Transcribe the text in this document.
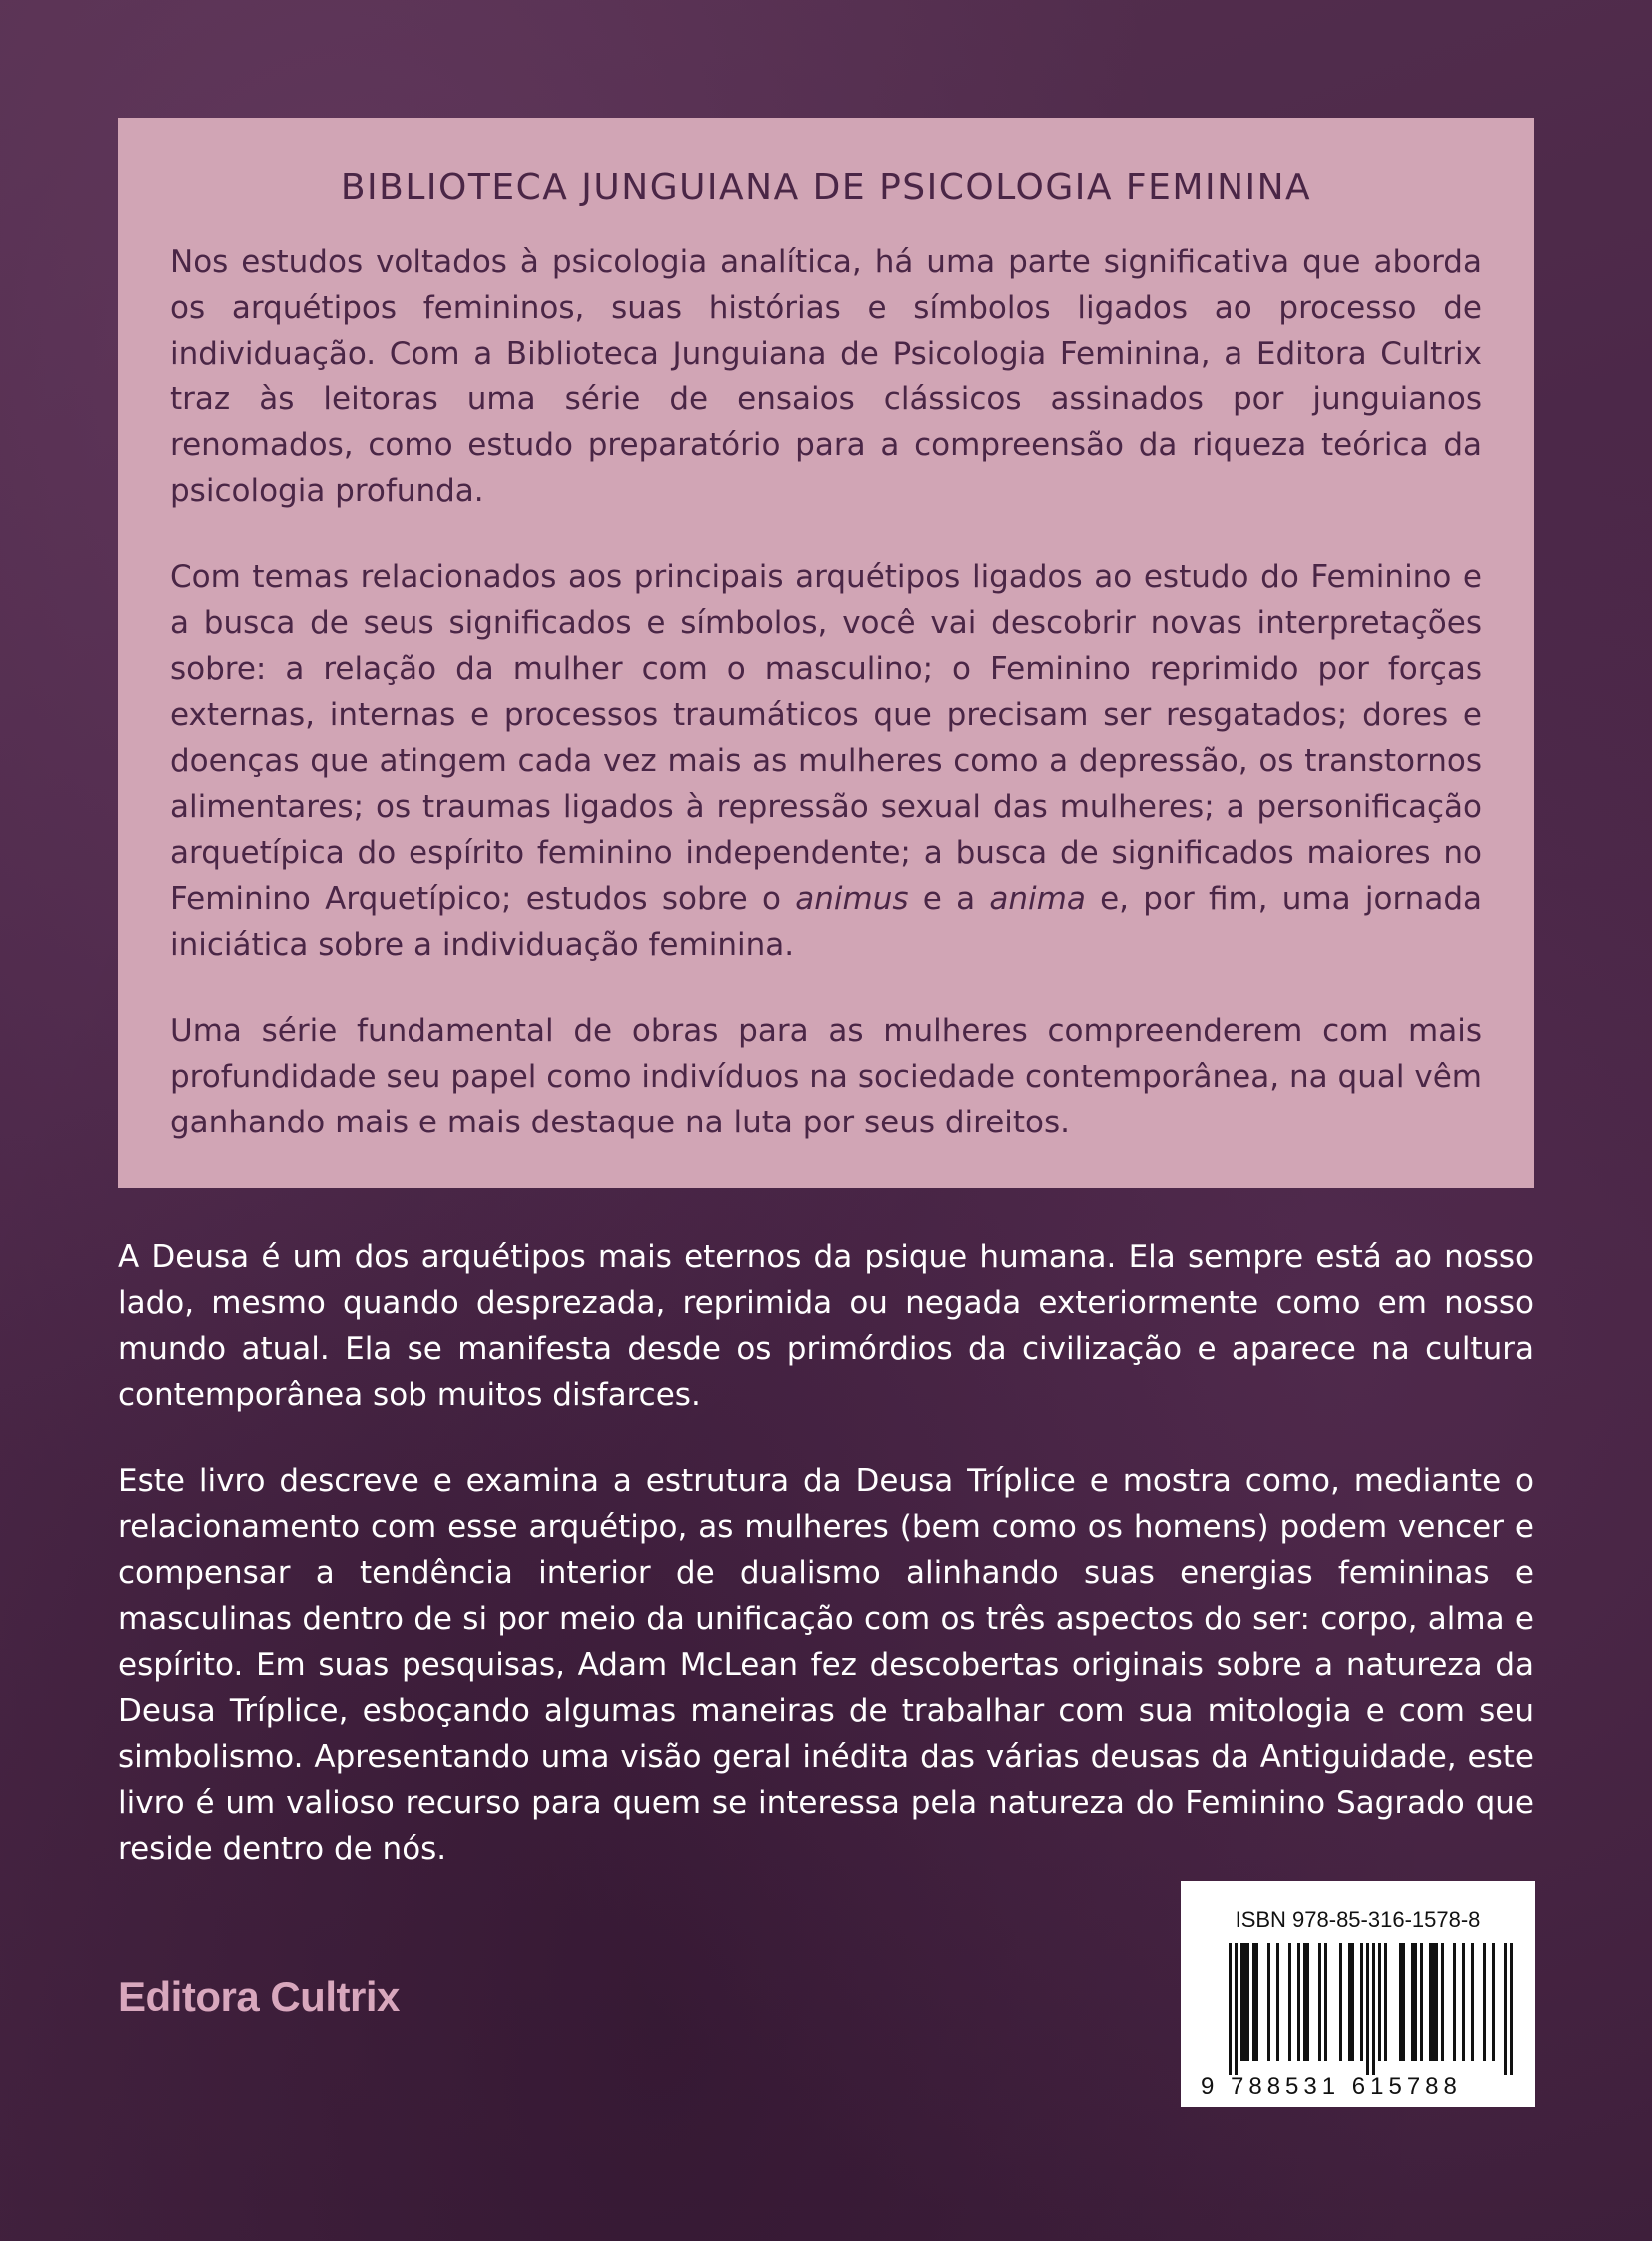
BIBLIOTECA JUNGUIANA DE PSICOLOGIA FEMININA

Nos estudos voltados à psicologia analítica, há uma parte significativa que aborda os arquétipos femininos, suas histórias e símbolos ligados ao processo de individuação. Com a Biblioteca Junguiana de Psicologia Feminina, a Editora Cultrix traz às leitoras uma série de ensaios clássicos assinados por junguianos renomados, como estudo preparatório para a compreensão da riqueza teórica da psicologia profunda.

Com temas relacionados aos principais arquétipos ligados ao estudo do Feminino e a busca de seus significados e símbolos, você vai descobrir novas interpretações sobre: a relação da mulher com o masculino; o Feminino reprimido por forças externas, internas e processos traumáticos que precisam ser resgatados; dores e doenças que atingem cada vez mais as mulheres como a depressão, os transtornos alimentares; os traumas ligados à repressão sexual das mulheres; a personificação arquetípica do espírito feminino independente; a busca de significados maiores no Feminino Arquetípico; estudos sobre o animus e a anima e, por fim, uma jornada iniciática sobre a individuação feminina.

Uma série fundamental de obras para as mulheres compreenderem com mais profundidade seu papel como indivíduos na sociedade contemporânea, na qual vêm ganhando mais e mais destaque na luta por seus direitos.

A Deusa é um dos arquétipos mais eternos da psique humana. Ela sempre está ao nosso lado, mesmo quando desprezada, reprimida ou negada exteriormente como em nosso mundo atual. Ela se manifesta desde os primórdios da civilização e aparece na cultura contemporânea sob muitos disfarces.

Este livro descreve e examina a estrutura da Deusa Tríplice e mostra como, mediante o relacionamento com esse arquétipo, as mulheres (bem como os homens) podem vencer e compensar a tendência interior de dualismo alinhando suas energias femininas e masculinas dentro de si por meio da unificação com os três aspectos do ser: corpo, alma e espírito. Em suas pesquisas, Adam McLean fez descobertas originais sobre a natureza da Deusa Tríplice, esboçando algumas maneiras de trabalhar com sua mitologia e com seu simbolismo. Apresentando uma visão geral inédita das várias deusas da Antiguidade, este livro é um valioso recurso para quem se interessa pela natureza do Feminino Sagrado que reside dentro de nós.

Editora Cultrix
ISBN 978-85-316-1578-8
9 788531 615788
